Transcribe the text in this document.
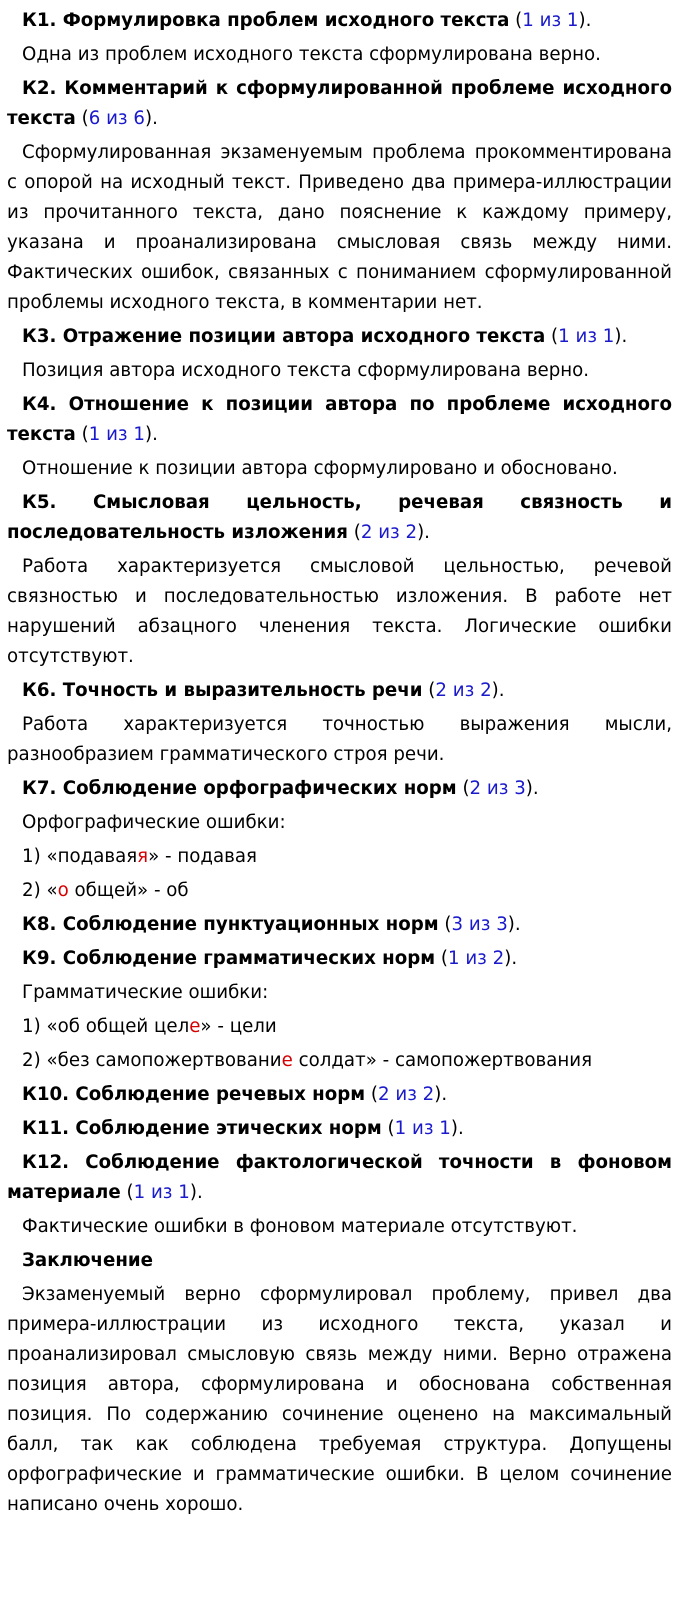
К1. Формулировка проблем исходного текста (1 из 1).

Одна из проблем исходного текста сформулирована верно.

К2. Комментарий к сформулированной проблеме исходного текста (6 из 6).

Сформулированная экзаменуемым проблема прокомментирована с опорой на исходный текст. Приведено два примера-иллюстрации из прочитанного текста, дано пояснение к каждому примеру, указана и проанализирована смысловая связь между ними. Фактических ошибок, связанных с пониманием сформулированной проблемы исходного текста, в комментарии нет.

К3. Отражение позиции автора исходного текста (1 из 1).

Позиция автора исходного текста сформулирована верно.

К4. Отношение к позиции автора по проблеме исходного текста (1 из 1).

Отношение к позиции автора сформулировано и обосновано.

К5. Смысловая цельность, речевая связность и последовательность изложения (2 из 2).

Работа характеризуется смысловой цельностью, речевой связностью и последовательностью изложения. В работе нет нарушений абзацного членения текста. Логические ошибки отсутствуют.

К6. Точность и выразительность речи (2 из 2).

Работа характеризуется точностью выражения мысли, разнообразием грамматического строя речи.

К7. Соблюдение орфографических норм (2 из 3).

Орфографические ошибки:

1) «подаваяя» - подавая

2) «о общей» - об

К8. Соблюдение пунктуационных норм (3 из 3).

К9. Соблюдение грамматических норм (1 из 2).

Грамматические ошибки:

1) «об общей целе» - цели

2) «без самопожертвование солдат» - самопожертвования

К10. Соблюдение речевых норм (2 из 2).

К11. Соблюдение этических норм (1 из 1).

К12. Соблюдение фактологической точности в фоновом материале (1 из 1).

Фактические ошибки в фоновом материале отсутствуют.

Заключение

Экзаменуемый верно сформулировал проблему, привел два примера-иллюстрации из исходного текста, указал и проанализировал смысловую связь между ними. Верно отражена позиция автора, сформулирована и обоснована собственная позиция. По содержанию сочинение оценено на максимальный балл, так как соблюдена требуемая структура. Допущены орфографические и грамматические ошибки. В целом сочинение написано очень хорошо.
